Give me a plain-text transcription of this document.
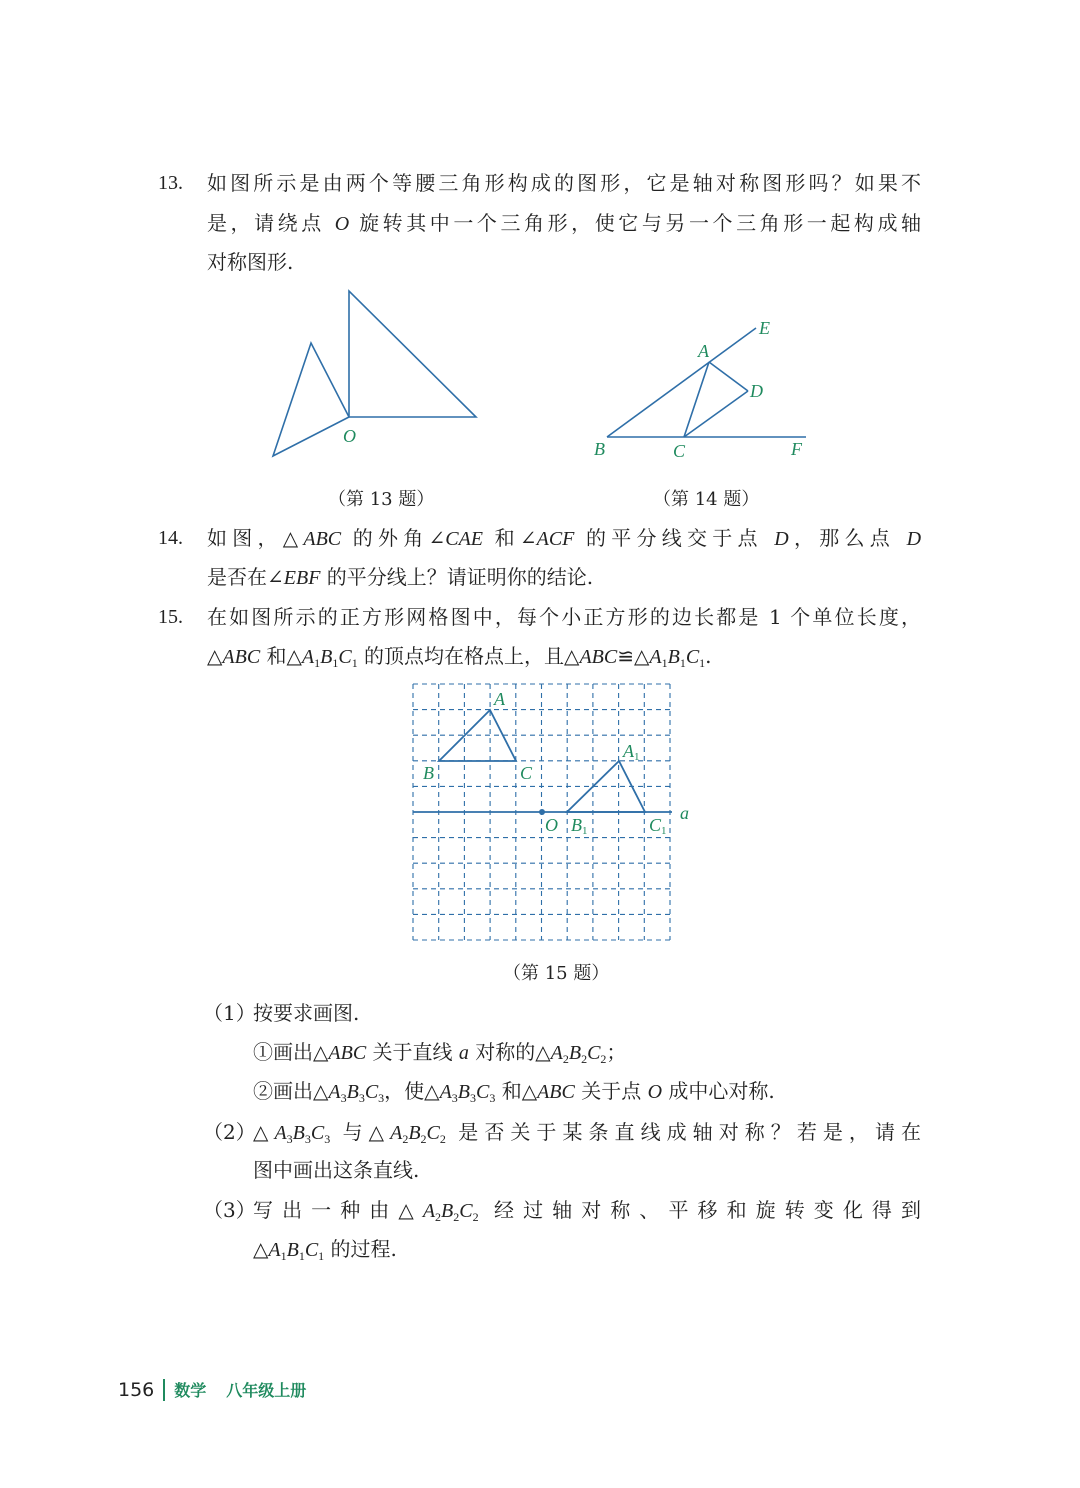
13. 如图所示是由两个等腰三角形构成的图形，它是轴对称图形吗？如果不
是，请绕点 O 旋转其中一个三角形，使它与另一个三角形一起构成轴
对称图形.
O
A
B	C
D
E
F
A
B	C
A1
B1	C1
O
a
（第 13 题）	（第 14 题）
14. 如图，△ABC 的外角∠CAE 和∠ACF 的平分线交于点 D，那么点 D
是否在∠EBF 的平分线上？请证明你的结论.
15. 在如图所示的正方形网格图中，每个小正方形的边长都是 1 个单位长度，
△ABC 和$\triangle A_1B_1C_1$ 的顶点均在格点上，且$\triangle ABC≌\triangle A_1B_1C_1$.
（第 15 题）
（1）
按要求画图.
①画出△ABC 关于直线 a 对称的$\triangle A_2B_2C_2$；
②画出$\triangle A_3B_3C_3$，使$\triangle A_3B_3C_3$ 和△ABC 关于点 O 成中心对称.
（2）
$\triangle A_3B_3C_3$ 与$\triangle A_2B_2C_2$ 是否关于某条直线成轴对称？若是，请在
图中画出这条直线.
（3）
写出一种由$\triangle A_2B_2C_2$ 经过轴对称、平移和旋转变化得到
$\triangle A_1B_1C_1$ 的过程.
156 数学 八年级上册
